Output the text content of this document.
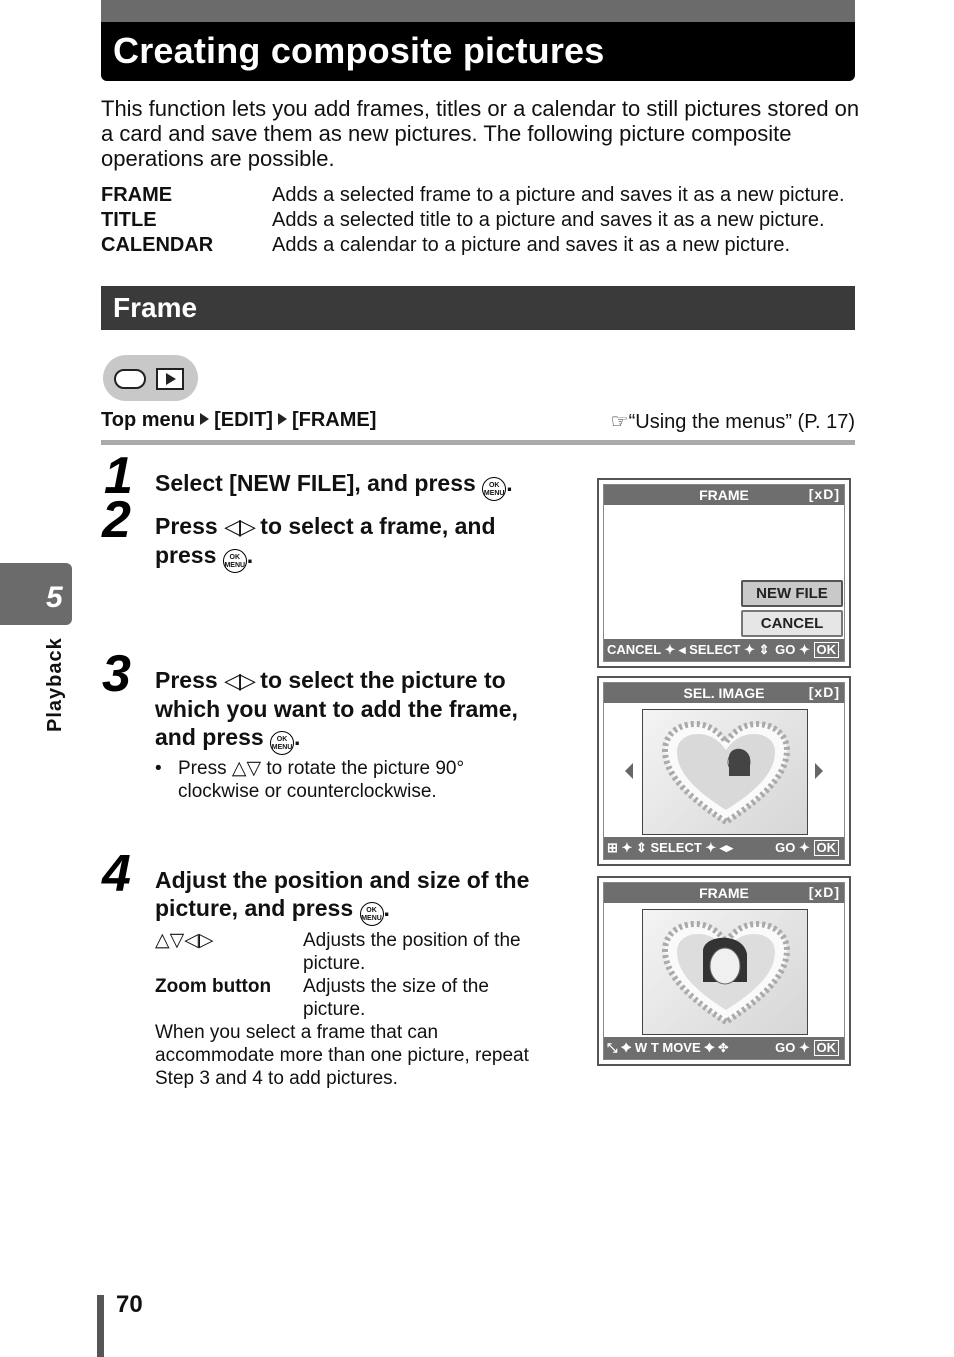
Creating composite pictures

This function lets you add frames, titles or a calendar to still pictures stored on a card and save them as new pictures. The following picture composite operations are possible.

FRAME	Adds a selected frame to a picture and saves it as a new picture.
TITLE	Adds a selected title to a picture and saves it as a new picture.
CALENDAR	Adds a calendar to a picture and saves it as a new picture.
Frame
Top menu [EDIT] [FRAME]	☞“Using the menus” (P. 17)
1 Select [NEW FILE], and press OK
MENU.
2 Press ◁▷ to select a frame, and press OK
MENU.
3 Press ◁▷ to select the picture to which you want to add the frame, and press OK
MENU.
• Press △▽ to rotate the picture 90° clockwise or counterclockwise.
4 Adjust the position and size of the picture, and press OK
MENU.
△▽◁▷	Adjusts the position of the picture.
Zoom button	Adjusts the size of the picture.
When you select a frame that can accommodate more than one picture, repeat Step 3 and 4 to add pictures.
FRAME	[xD]
NEW FILE
CANCEL
CANCEL ✦ ◂ SELECT ✦ ⇕ GO ✦ OK
SEL. IMAGE	[xD]
⊞ ✦ ⇕ SELECT ✦ ◂▸	GO ✦ OK
FRAME	[xD]
⤡ ✦ W T MOVE ✦ ✥	GO ✦ OK
5
Playback
70
